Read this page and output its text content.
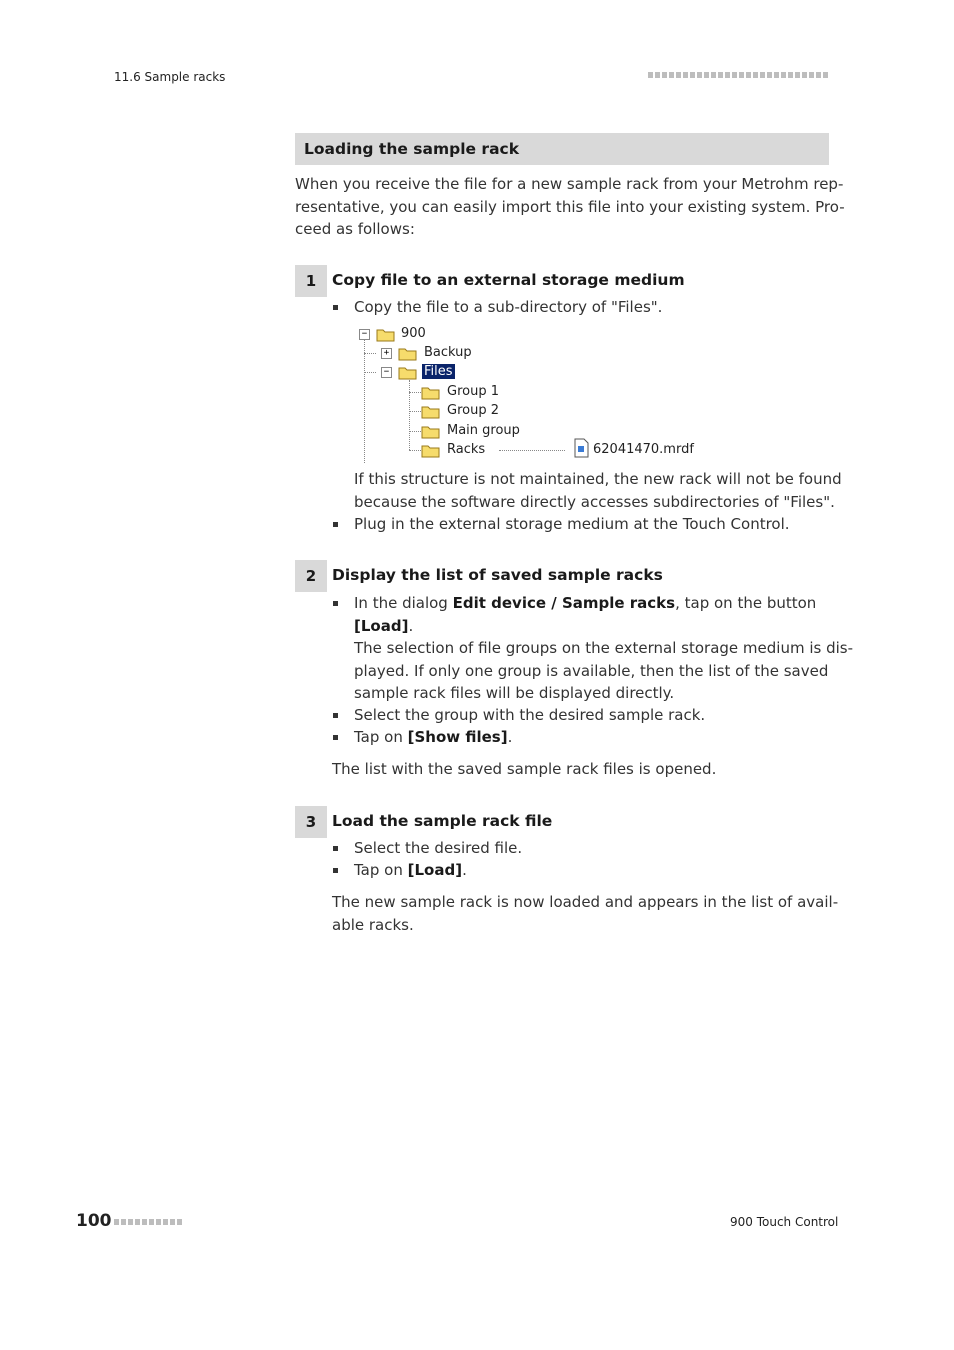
11.6 Sample racks
Loading the sample rack
When you receive the file for a new sample rack from your Metrohm rep-
resentative, you can easily import this file into your existing system. Pro-
ceed as follows:
1	Copy file to an external storage medium
Copy the file to a sub-directory of "Files".
−	900
+	Backup
−	Files
Group 1
Group 2
Main group
Racks	62041470.mrdf
If this structure is not maintained, the new rack will not be found
because the software directly accesses subdirectories of "Files".
Plug in the external storage medium at the Touch Control.
2	Display the list of saved sample racks
In the dialog Edit device / Sample racks, tap on the button
[Load].
The selection of file groups on the external storage medium is dis-
played. If only one group is available, then the list of the saved
sample rack files will be displayed directly.
Select the group with the desired sample rack.
Tap on [Show files].
The list with the saved sample rack files is opened.
3	Load the sample rack file
Select the desired file.
Tap on [Load].
The new sample rack is now loaded and appears in the list of avail-
able racks.
100	900 Touch Control
